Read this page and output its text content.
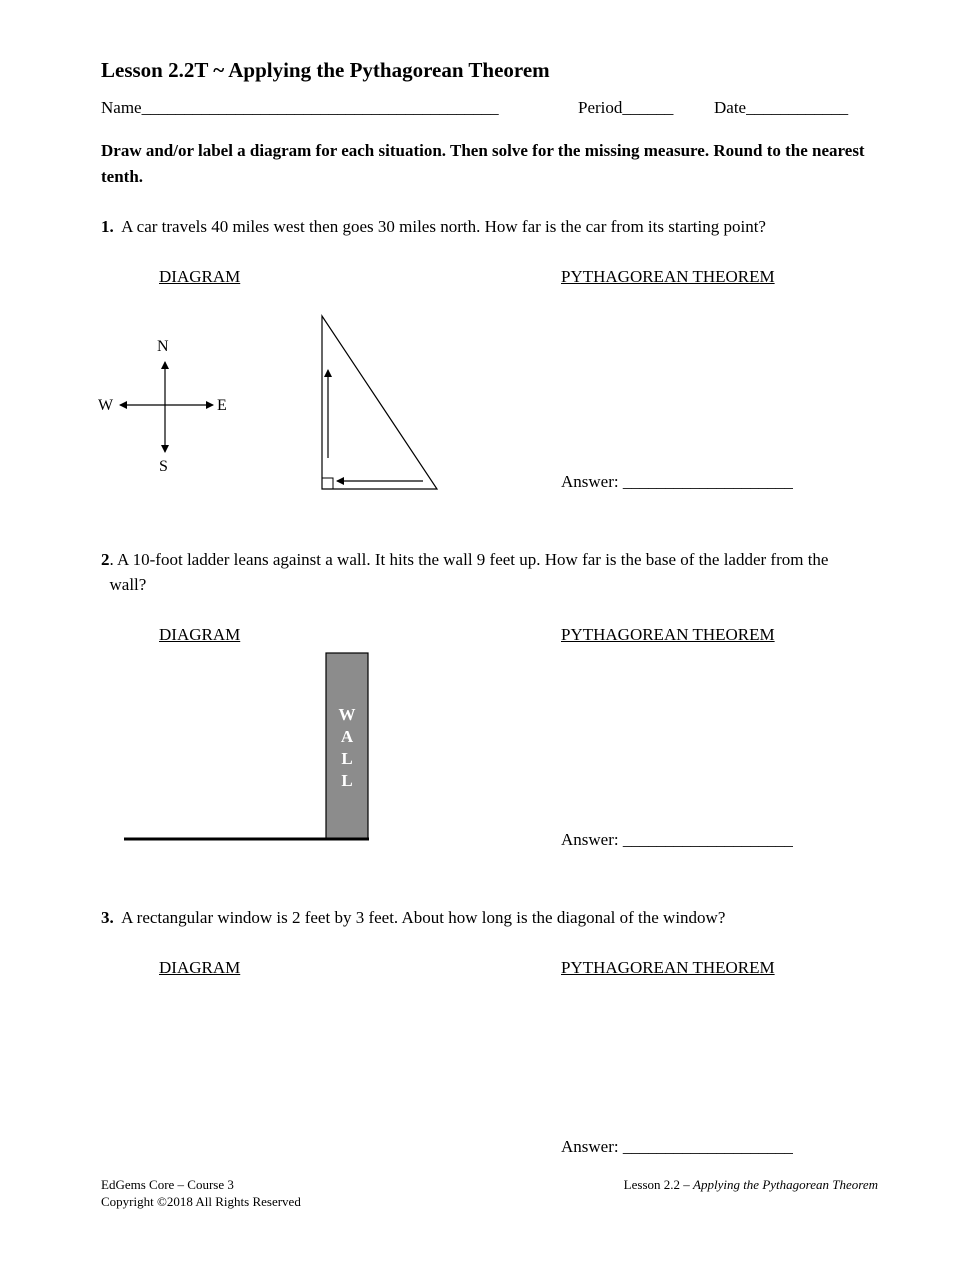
Lesson 2.2T ~ Applying the Pythagorean Theorem
Name__________________________________________	Period______ Date____________
Draw and/or label a diagram for each situation. Then solve for the missing measure. Round to the nearest tenth.
1. A car travels 40 miles west then goes 30 miles north. How far is the car from its starting point?
DIAGRAM	PYTHAGOREAN THEOREM
N
S
W	E
Answer: ____________________
2. A 10-foot ladder leans against a wall. It hits the wall 9 feet up. How far is the base of the ladder from the wall?
DIAGRAM	PYTHAGOREAN THEOREM
W
A
L
L
Answer: ____________________
3. A rectangular window is 2 feet by 3 feet. About how long is the diagonal of the window?
DIAGRAM	PYTHAGOREAN THEOREM
Answer: ____________________
EdGems Core – Course 3
Copyright ©2018 All Rights Reserved
Lesson 2.2 – Applying the Pythagorean Theorem
